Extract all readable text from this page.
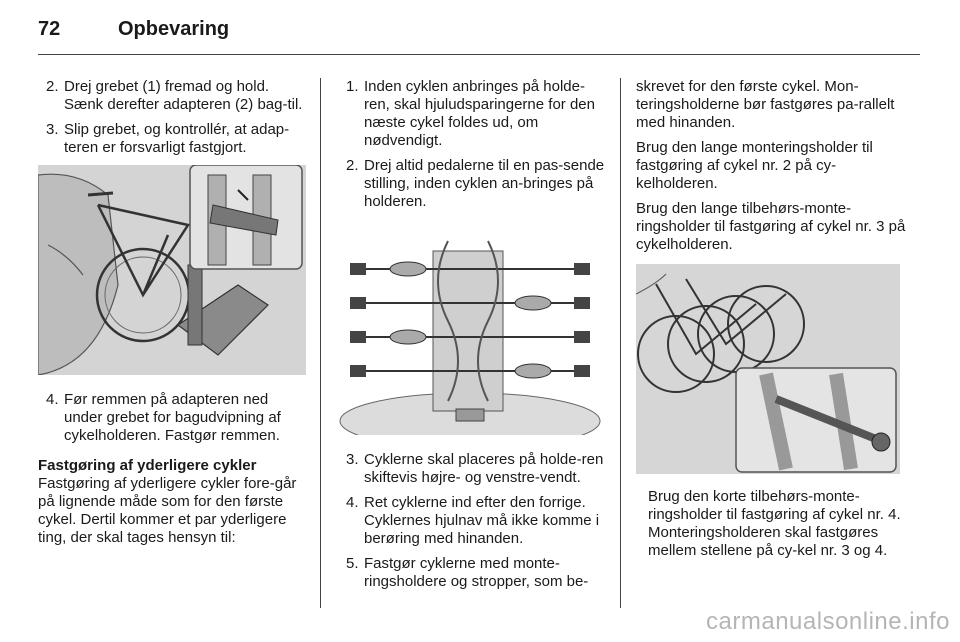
72	Opbevaring
2. Drej grebet (1) fremad og hold. Sænk derefter adapteren (2) bag-til.
3. Slip grebet, og kontrollér, at adap-teren er forsvarligt fastgjort.
4. Før remmen på adapteren ned under grebet for bagudvipning af cykelholderen. Fastgør remmen.

Fastgøring af yderligere cykler

Fastgøring af yderligere cykler fore-går på lignende måde som for den første cykel. Dertil kommer et par yderligere ting, der skal tages hensyn til:

1. Inden cyklen anbringes på holde-ren, skal hjuludsparingerne for den næste cykel foldes ud, om nødvendigt.
2. Drej altid pedalerne til en pas-sende stilling, inden cyklen an-bringes på holderen.
3. Cyklerne skal placeres på holde-ren skiftevis højre- og venstre-vendt.
4. Ret cyklerne ind efter den forrige. Cyklernes hjulnav må ikke komme i berøring med hinanden.
5. Fastgør cyklerne med monte-ringsholdere og stropper, som be-

skrevet for den første cykel. Mon-teringsholderne bør fastgøres pa-rallelt med hinanden.

Brug den lange monteringsholder til fastgøring af cykel nr. 2 på cy-kelholderen.

Brug den lange tilbehørs-monte-ringsholder til fastgøring af cykel nr. 3 på cykelholderen.

Brug den korte tilbehørs-monte-ringsholder til fastgøring af cykel nr. 4. Monteringsholderen skal fastgøres mellem stellene på cy-kel nr. 3 og 4.

carmanualsonline.info
